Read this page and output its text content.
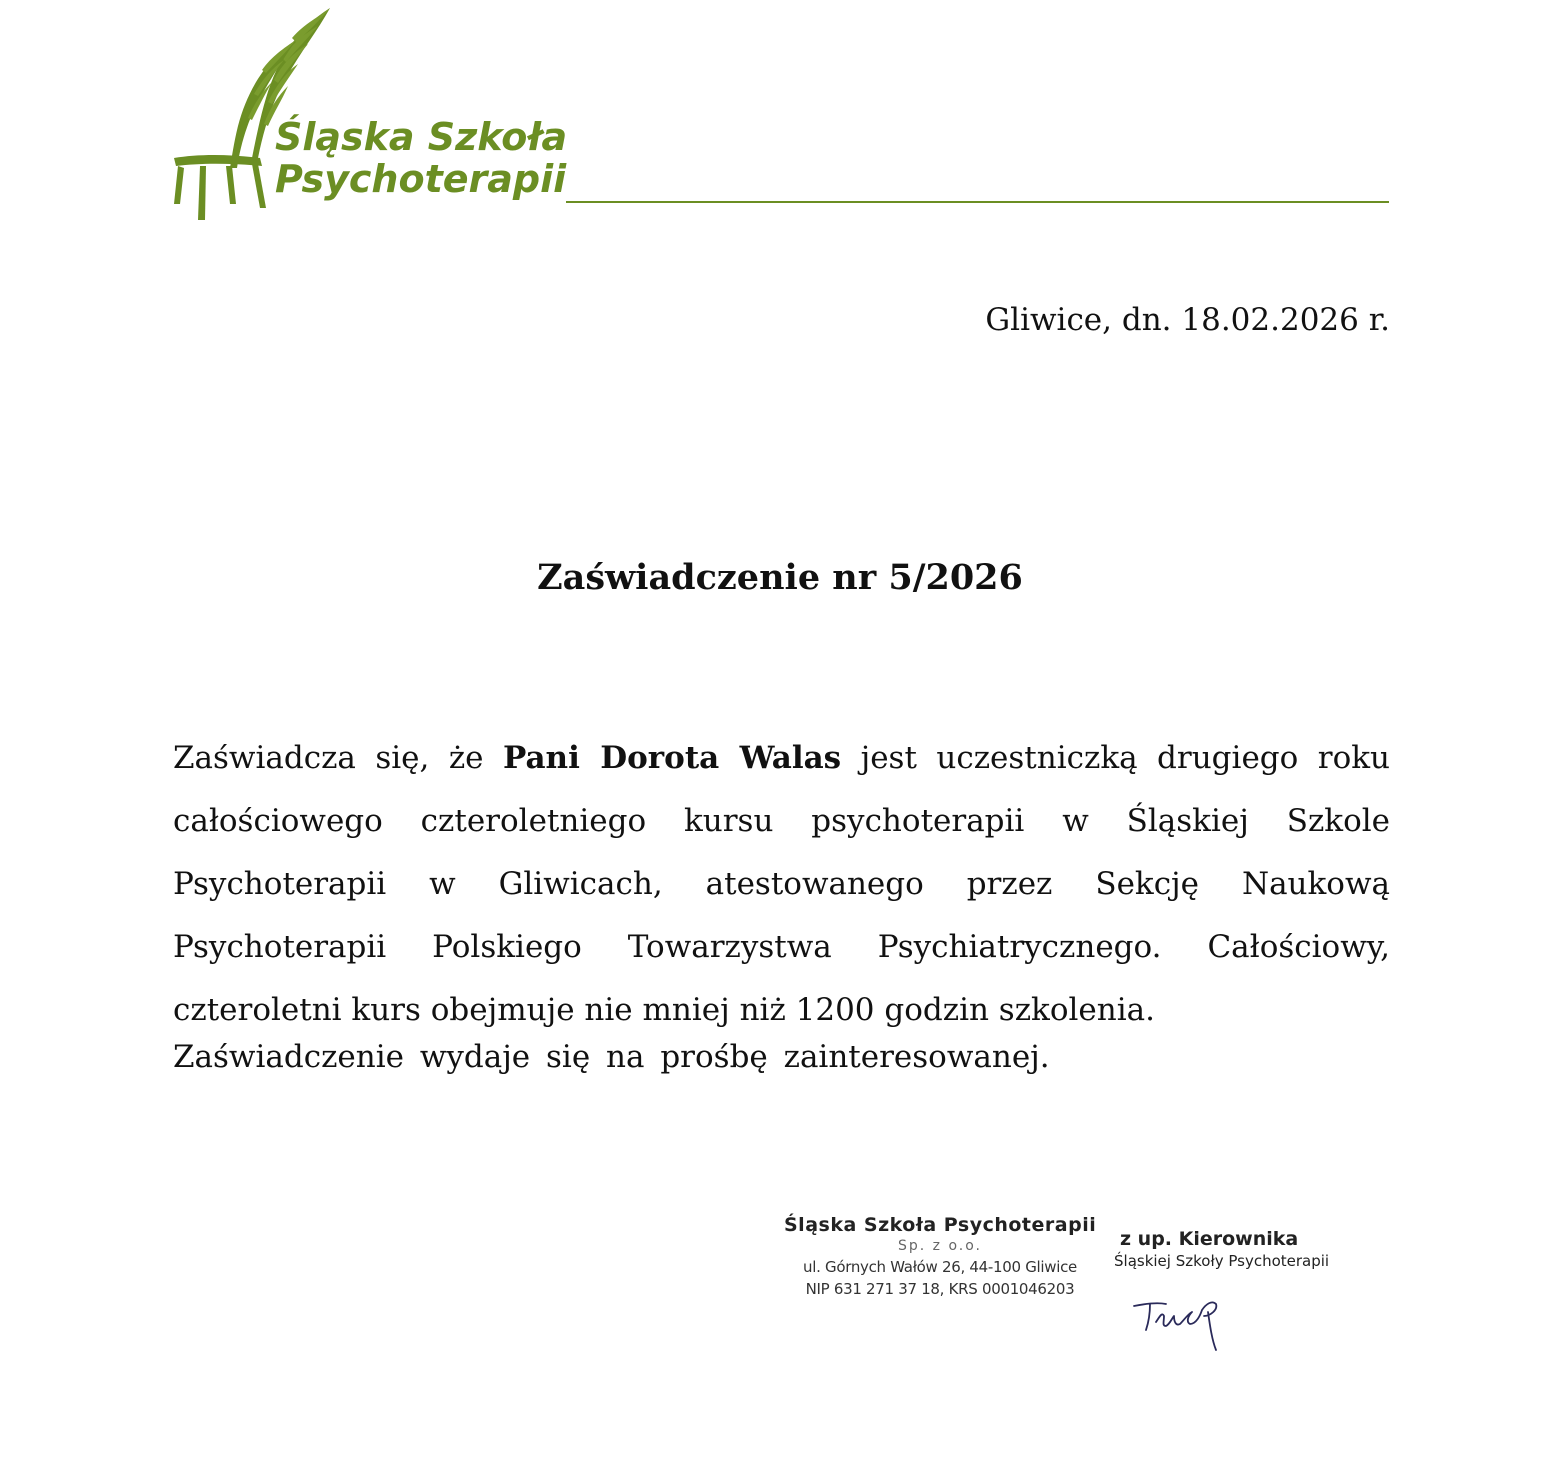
Śląska Szkoła
Psychoterapii
Gliwice, dn. 18.02.2026 r.
Zaświadczenie nr 5/2026

Zaświadcza się, że Pani Dorota Walas jest uczestniczką drugiego roku całościowego czteroletniego kursu psychoterapii w Śląskiej Szkole Psychoterapii w Gliwicach, atestowanego przez Sekcję Naukową Psychoterapii Polskiego Towarzystwa Psychiatrycznego. Całościowy, czteroletni kurs obejmuje nie mniej niż 1200 godzin szkolenia.

Zaświadczenie wydaje się na prośbę zainteresowanej.
Śląska Szkoła Psychoterapii
Sp. z o.o.
ul. Górnych Wałów 26, 44-100 Gliwice
NIP 631 271 37 18, KRS 0001046203
z up. Kierownika
Śląskiej Szkoły Psychoterapii
